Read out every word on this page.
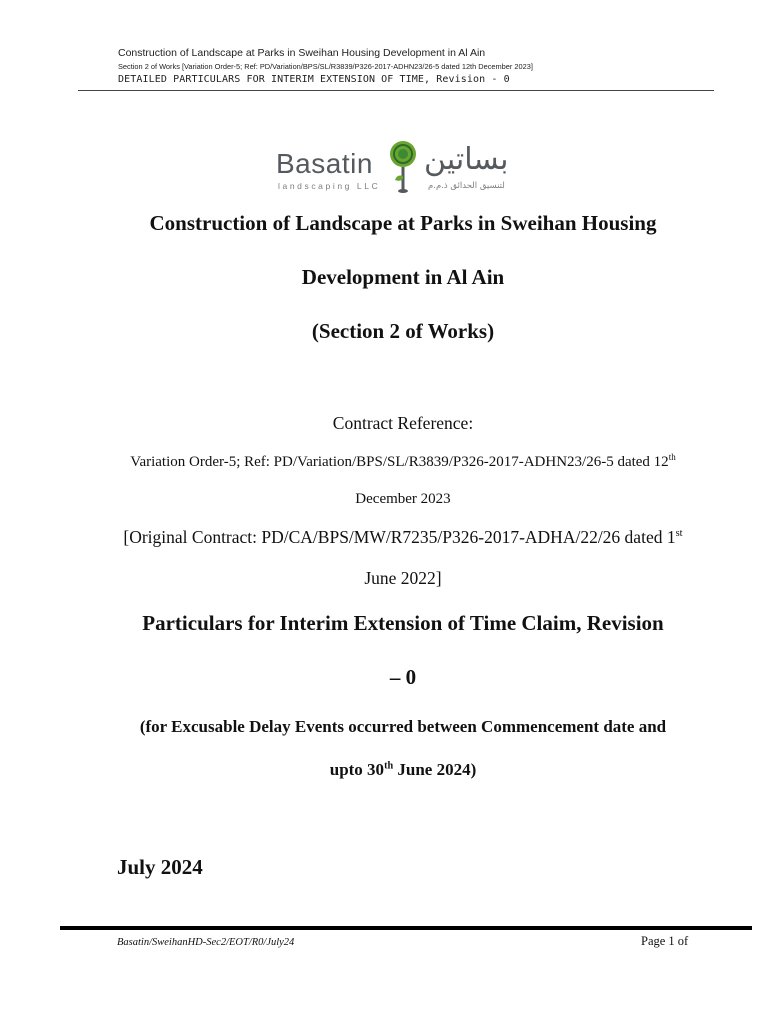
Construction of Landscape at Parks in Sweihan Housing Development in Al Ain
Section 2 of Works [Variation Order-5; Ref: PD/Variation/BPS/SL/R3839/P326-2017-ADHN23/26-5 dated 12th December 2023]
DETAILED PARTICULARS FOR INTERIM EXTENSION OF TIME, Revision - 0
Basatin
landscaping LLC
بساتين
لتنسيق الحدائق ذ.م.م
Construction of Landscape at Parks in Sweihan Housing
Development in Al Ain
(Section 2 of Works)
Contract Reference:
Variation Order-5; Ref: PD/Variation/BPS/SL/R3839/P326-2017-ADHN23/26-5 dated 12th
December 2023
[Original Contract: PD/CA/BPS/MW/R7235/P326-2017-ADHA/22/26 dated 1st
June 2022]
Particulars for Interim Extension of Time Claim, Revision
– 0
(for Excusable Delay Events occurred between Commencement date and
upto 30th June 2024)
July 2024
Basatin/SweihanHD-Sec2/EOT/R0/July24	Page 1 of
